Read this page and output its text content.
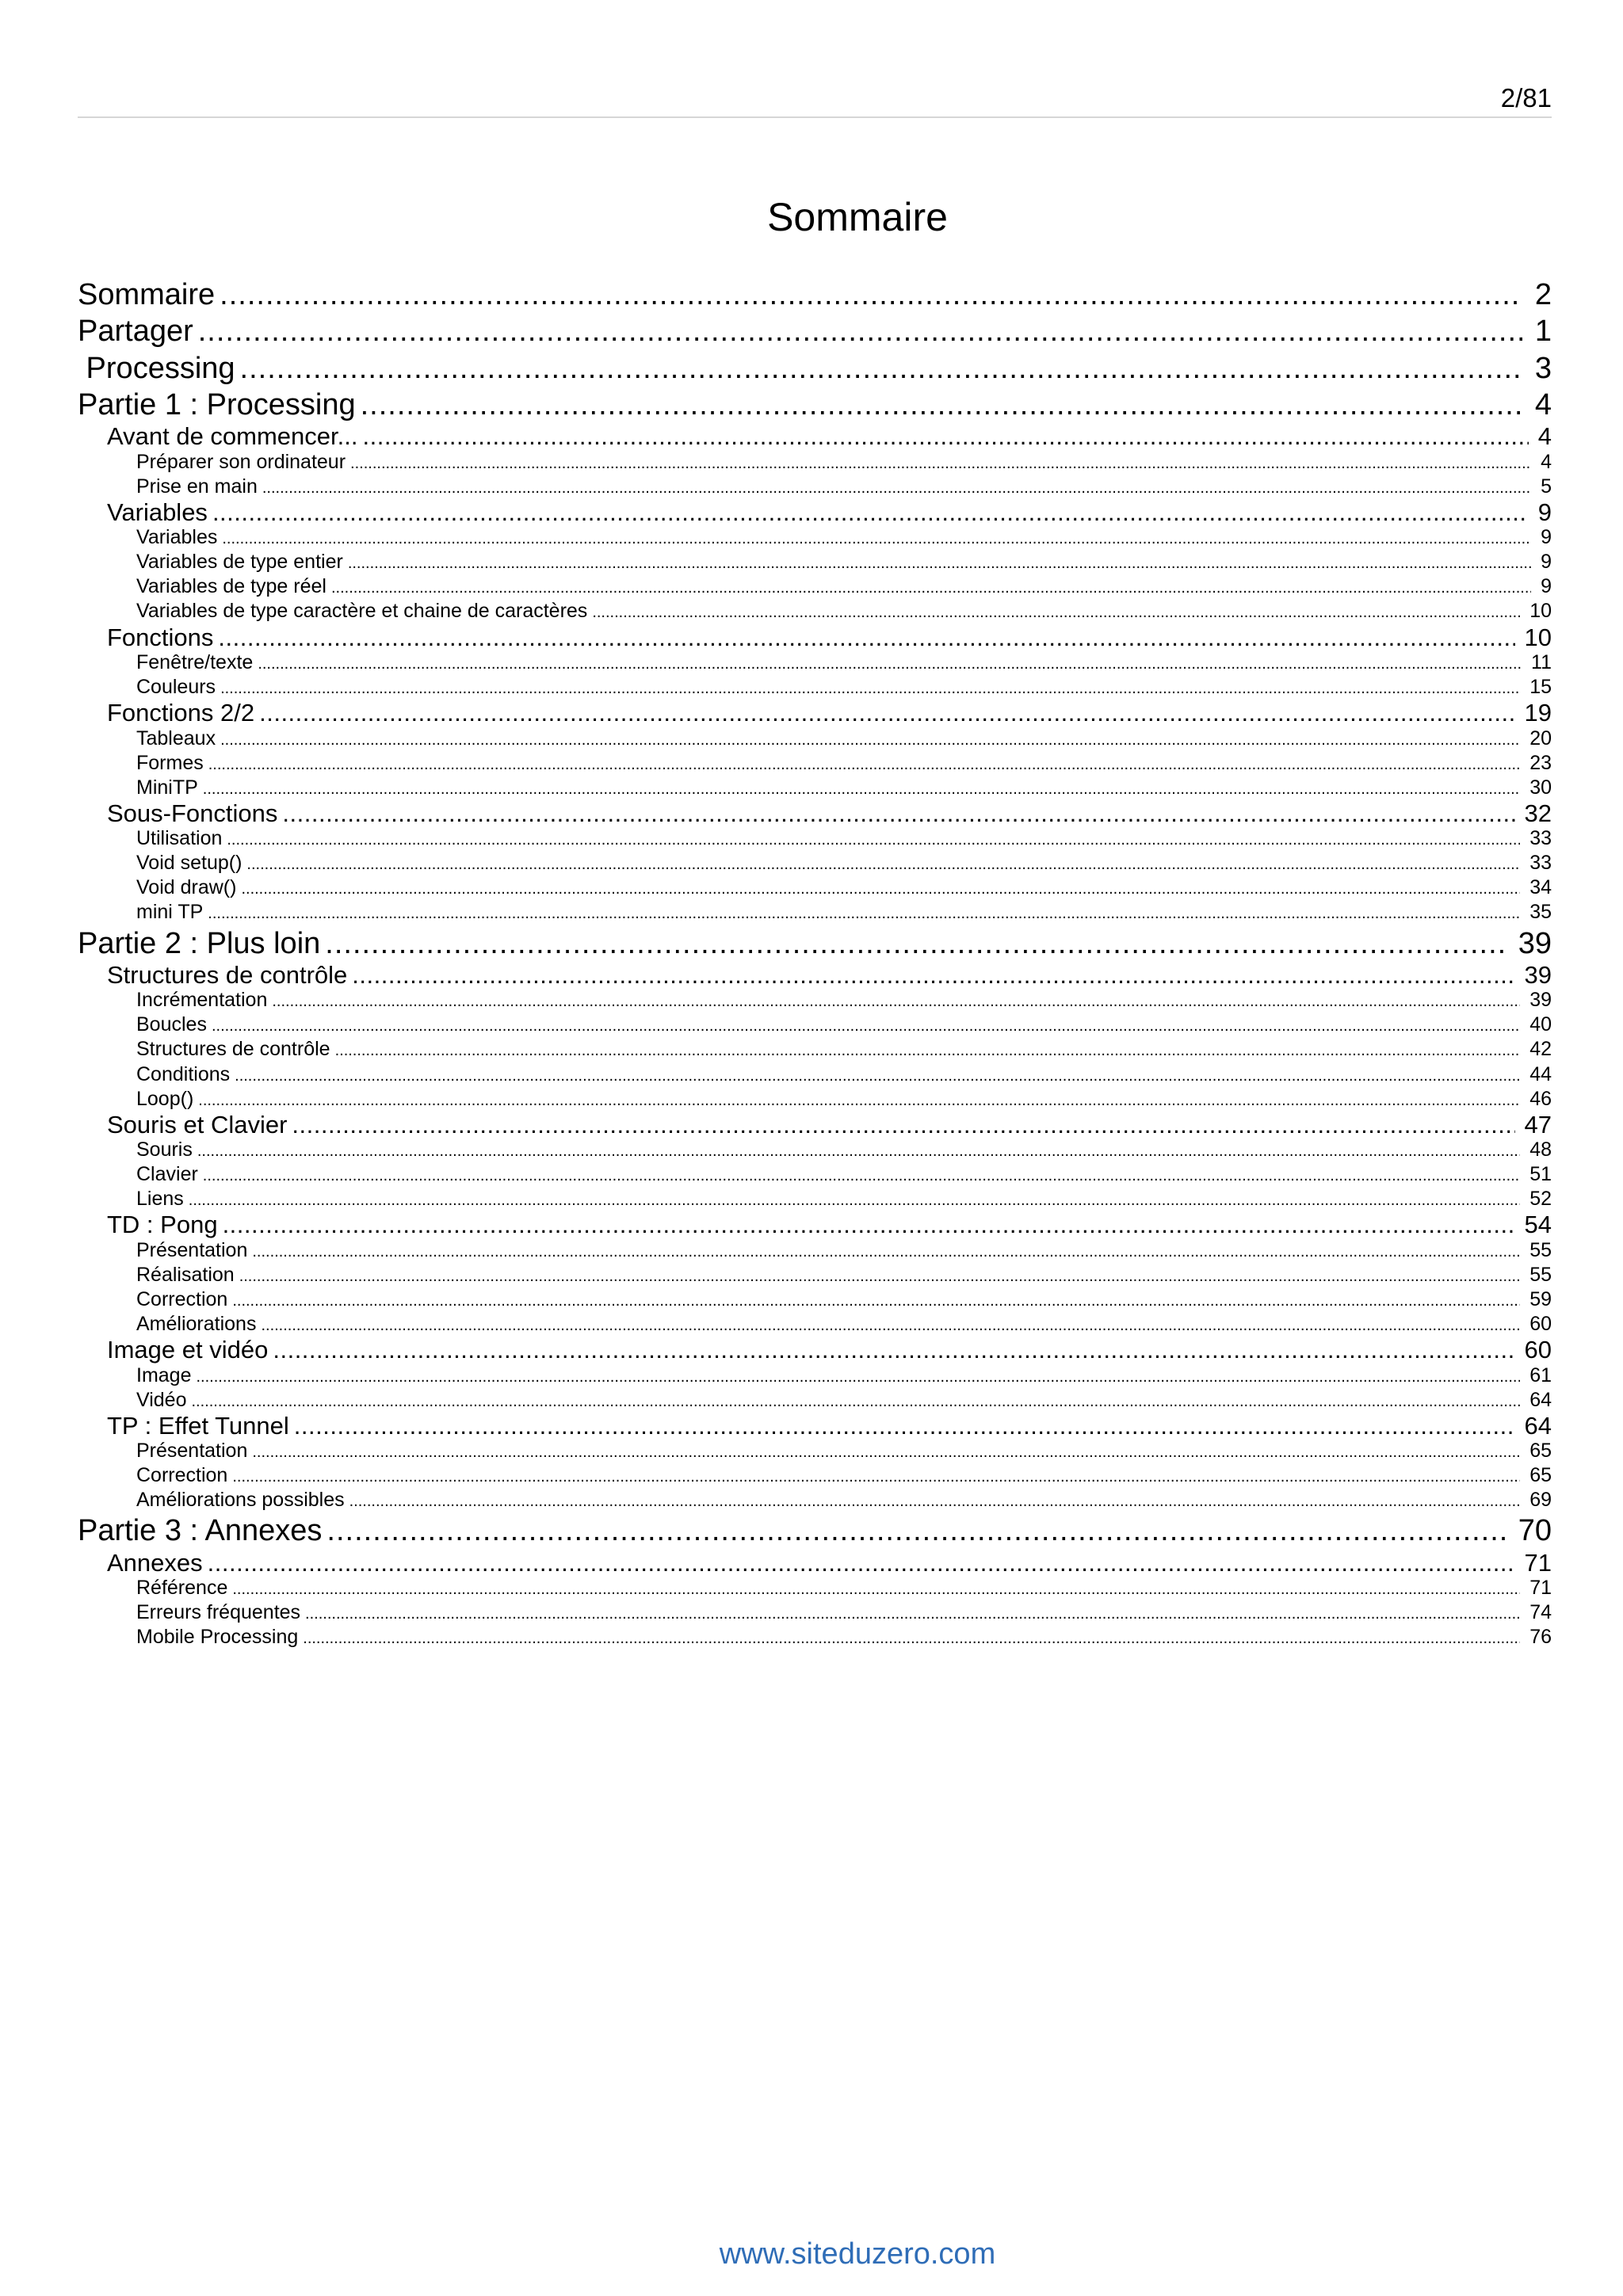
2/81
Sommaire
Sommaire .....	2
Partager .....	1
Processing .....	3
Partie 1 : Processing .....	4
Avant de commencer... .....	4
Préparer son ordinateur .....	4
Prise en main .....	5
Variables .....	9
Variables .....	9
Variables de type entier .....	9
Variables de type réel .....	9
Variables de type caractère et chaine de caractères .....	10
Fonctions .....	10
Fenêtre/texte .....	11
Couleurs .....	15
Fonctions 2/2 .....	19
Tableaux .....	20
Formes .....	23
MiniTP .....	30
Sous-Fonctions .....	32
Utilisation .....	33
Void setup() .....	33
Void draw() .....	34
mini TP .....	35
Partie 2 : Plus loin .....	39
Structures de contrôle .....	39
Incrémentation .....	39
Boucles .....	40
Structures de contrôle .....	42
Conditions .....	44
Loop() .....	46
Souris et Clavier .....	47
Souris .....	48
Clavier .....	51
Liens .....	52
TD : Pong .....	54
Présentation .....	55
Réalisation .....	55
Correction .....	59
Améliorations .....	60
Image et vidéo .....	60
Image .....	61
Vidéo .....	64
TP : Effet Tunnel .....	64
Présentation .....	65
Correction .....	65
Améliorations possibles .....	69
Partie 3 : Annexes .....	70
Annexes .....	71
Référence .....	71
Erreurs fréquentes .....	74
Mobile Processing .....	76
www.siteduzero.com
